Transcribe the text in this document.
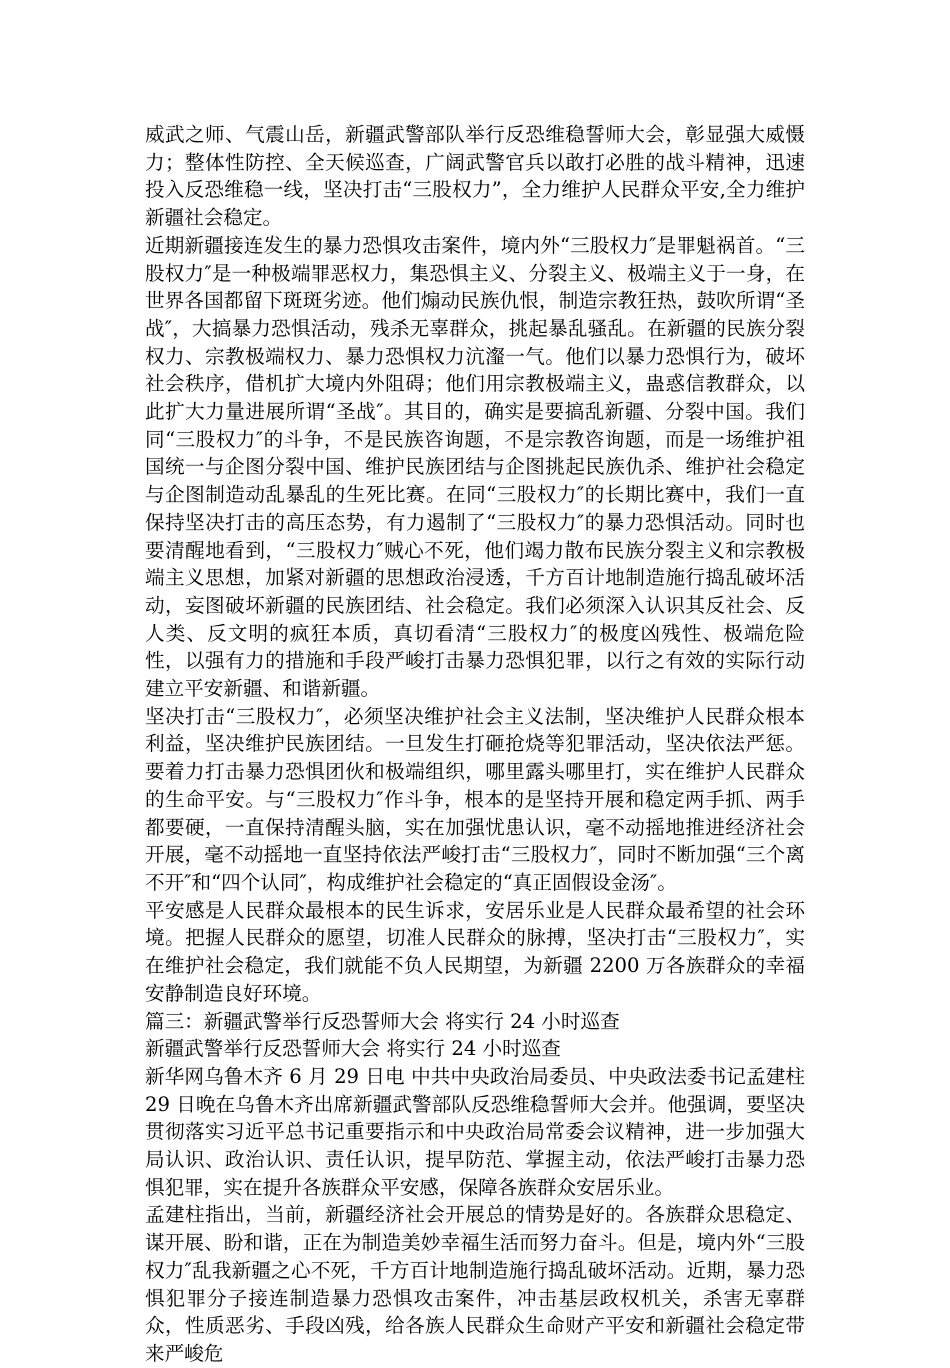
威武之师、气震山岳，新疆武警部队举行反恐维稳誓师大会，彰显强大威慑力；整体性防控、全天候巡查，广阔武警官兵以敢打必胜的战斗精神，迅速投入反恐维稳一线，坚决打击“三股权力”，全力维护人民群众平安,全力维护新疆社会稳定。

近期新疆接连发生的暴力恐惧攻击案件，境内外“三股权力″是罪魁祸首。“三股权力″是一种极端罪恶权力，集恐惧主义、分裂主义、极端主义于一身，在世界各国都留下斑斑劣迹。他们煽动民族仇恨，制造宗教狂热，鼓吹所谓“圣战″，大搞暴力恐惧活动，残杀无辜群众，挑起暴乱骚乱。在新疆的民族分裂权力、宗教极端权力、暴力恐惧权力沆瀣一气。他们以暴力恐惧行为，破坏社会秩序，借机扩大境内外阻碍；他们用宗教极端主义，蛊惑信教群众，以此扩大力量进展所谓“圣战″。其目的，确实是要搞乱新疆、分裂中国。我们同“三股权力″的斗争，不是民族咨询题，不是宗教咨询题，而是一场维护祖国统一与企图分裂中国、维护民族团结与企图挑起民族仇杀、维护社会稳定与企图制造动乱暴乱的生死比赛。在同“三股权力″的长期比赛中，我们一直保持坚决打击的高压态势，有力遏制了“三股权力″的暴力恐惧活动。同时也要清醒地看到，“三股权力″贼心不死，他们竭力散布民族分裂主义和宗教极端主义思想，加紧对新疆的思想政治浸透，千方百计地制造施行捣乱破坏活动，妄图破坏新疆的民族团结、社会稳定。我们必须深入认识其反社会、反人类、反文明的疯狂本质，真切看清“三股权力″的极度凶残性、极端危险性，以强有力的措施和手段严峻打击暴力恐惧犯罪，以行之有效的实际行动建立平安新疆、和谐新疆。

坚决打击“三股权力″，必须坚决维护社会主义法制，坚决维护人民群众根本利益，坚决维护民族团结。一旦发生打砸抢烧等犯罪活动，坚决依法严惩。要着力打击暴力恐惧团伙和极端组织，哪里露头哪里打，实在维护人民群众的生命平安。与“三股权力″作斗争，根本的是坚持开展和稳定两手抓、两手都要硬，一直保持清醒头脑，实在加强忧患认识，毫不动摇地推进经济社会开展，毫不动摇地一直坚持依法严峻打击“三股权力″，同时不断加强“三个离不开″和“四个认同″，构成维护社会稳定的“真正固假设金汤″。

平安感是人民群众最根本的民生诉求，安居乐业是人民群众最希望的社会环境。把握人民群众的愿望，切准人民群众的脉搏，坚决打击“三股权力″，实在维护社会稳定，我们就能不负人民期望，为新疆 2200 万各族群众的幸福安静制造良好环境。

篇三：新疆武警举行反恐誓师大会 将实行 24 小时巡查

新疆武警举行反恐誓师大会 将实行 24 小时巡查

新华网乌鲁木齐 6 月 29 日电 中共中央政治局委员、中央政法委书记孟建柱 29 日晚在乌鲁木齐出席新疆武警部队反恐维稳誓师大会并。他强调，要坚决贯彻落实习近平总书记重要指示和中央政治局常委会议精神，进一步加强大局认识、政治认识、责任认识，提早防范、掌握主动，依法严峻打击暴力恐惧犯罪，实在提升各族群众平安感，保障各族群众安居乐业。

孟建柱指出，当前，新疆经济社会开展总的情势是好的。各族群众思稳定、谋开展、盼和谐，正在为制造美妙幸福生活而努力奋斗。但是，境内外“三股权力″乱我新疆之心不死，千方百计地制造施行捣乱破坏活动。近期，暴力恐惧犯罪分子接连制造暴力恐惧攻击案件，冲击基层政权机关，杀害无辜群众，性质恶劣、手段凶残，给各族人民群众生命财产平安和新疆社会稳定带来严峻危
